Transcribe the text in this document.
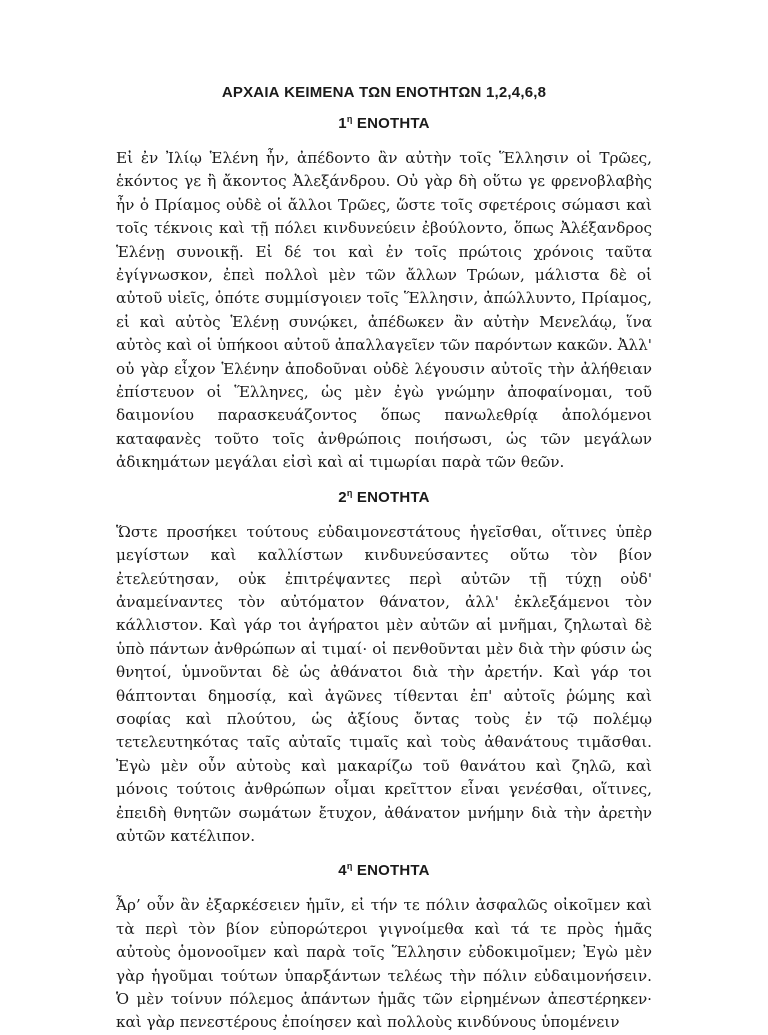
ΑΡΧΑΙΑ ΚΕΙΜΕΝΑ ΤΩΝ ΕΝΟΤΗΤΩΝ 1,2,4,6,8
$1^\eta$ ΕΝΟΤΗΤΑ

Εἰ ἐν Ἰλίῳ Ἑλένη ἦν, ἀπέδοντο ἂν αὐτὴν τοῖς Ἕλλησιν οἱ Τρῶες, ἑκόντος γε ἢ ἄκοντος Ἀλεξάνδρου. Οὐ γὰρ δὴ οὕτω γε φρενοβλαβὴς ἦν ὁ Πρίαμος οὐδὲ οἱ ἄλλοι Τρῶες, ὥστε τοῖς σφετέροις σώμασι καὶ τοῖς τέκνοις καὶ τῇ πόλει κινδυνεύειν ἐβούλοντο, ὅπως Ἀλέξανδρος Ἑλένῃ συνοικῇ. Εἰ δέ τοι καὶ ἐν τοῖς πρώτοις χρόνοις ταῦτα ἐγίγνωσκον, ἐπεὶ πολλοὶ μὲν τῶν ἄλλων Τρώων, μάλιστα δὲ οἱ αὐτοῦ υἱεῖς, ὁπότε συμμίσγοιεν τοῖς Ἕλλησιν, ἀπώλλυντο, Πρίαμος, εἰ καὶ αὐτὸς Ἑλένῃ συνῴκει, ἀπέδωκεν ἂν αὐτὴν Μενελάῳ, ἵνα αὐτὸς καὶ οἱ ὑπήκοοι αὐτοῦ ἀπαλλαγεῖεν τῶν παρόντων κακῶν. Ἀλλ' οὐ γὰρ εἶχον Ἑλένην ἀποδοῦναι οὐδὲ λέγουσιν αὐτοῖς τὴν ἀλήθειαν ἐπίστευον οἱ Ἕλληνες, ὡς μὲν ἐγὼ γνώμην ἀποφαίνομαι, τοῦ δαιμονίου παρασκευάζοντος ὅπως πανωλεθρίᾳ ἀπολόμενοι καταφανὲς τοῦτο τοῖς ἀνθρώποις ποιήσωσι, ὡς τῶν μεγάλων ἀδικημάτων μεγάλαι εἰσὶ καὶ αἱ τιμωρίαι παρὰ τῶν θεῶν.

$2^\eta$ ΕΝΟΤΗΤΑ

Ὥστε προσήκει τούτους εὐδαιμονεστάτους ἡγεῖσθαι, οἵτινες ὑπὲρ μεγίστων καὶ καλλίστων κινδυνεύσαντες οὕτω τὸν βίον ἐτελεύτησαν, οὐκ ἐπιτρέψαντες περὶ αὐτῶν τῇ τύχῃ οὐδ' ἀναμείναντες τὸν αὐτόματον θάνατον, ἀλλ' ἐκλεξάμενοι τὸν κάλλιστον. Καὶ γάρ τοι ἀγήρατοι μὲν αὐτῶν αἱ μνῆμαι, ζηλωταὶ δὲ ὑπὸ πάντων ἀνθρώπων αἱ τιμαί· οἱ πενθοῦνται μὲν διὰ τὴν φύσιν ὡς θνητοί, ὑμνοῦνται δὲ ὡς ἀθάνατοι διὰ τὴν ἀρετήν. Καὶ γάρ τοι θάπτονται δημοσίᾳ, καὶ ἀγῶνες τίθενται ἐπ' αὐτοῖς ῥώμης καὶ σοφίας καὶ πλούτου, ὡς ἀξίους ὄντας τοὺς ἐν τῷ πολέμῳ τετελευτηκότας ταῖς αὐταῖς τιμαῖς καὶ τοὺς ἀθανάτους τιμᾶσθαι. Ἐγὼ μὲν οὖν αὐτοὺς καὶ μακαρίζω τοῦ θανάτου καὶ ζηλῶ, καὶ μόνοις τούτοις ἀνθρώπων οἶμαι κρεῖττον εἶναι γενέσθαι, οἵτινες, ἐπειδὴ θνητῶν σωμάτων ἔτυχον, ἀθάνατον μνήμην διὰ τὴν ἀρετὴν αὐτῶν κατέλιπον.

$4^\eta$ ΕΝΟΤΗΤΑ

Ἆρ’ οὖν ἂν ἐξαρκέσειεν ἡμῖν, εἰ τήν τε πόλιν ἀσφαλῶς οἰκοῖμεν καὶ τὰ περὶ τὸν βίον εὐπορώτεροι γιγνοίμεθα καὶ τά τε πρὸς ἡμᾶς αὐτοὺς ὁμονοοῖμεν καὶ παρὰ τοῖς Ἕλλησιν εὐδοκιμοῖμεν; Ἐγὼ μὲν γὰρ ἡγοῦμαι τούτων ὑπαρξάντων τελέως τὴν πόλιν εὐδαιμονήσειν. Ὁ μὲν τοίνυν πόλεμος ἁπάντων ἡμᾶς τῶν εἰρημένων ἀπεστέρηκεν· καὶ γὰρ πενεστέρους ἐποίησεν καὶ πολλοὺς κινδύνους ὑπομένειν
